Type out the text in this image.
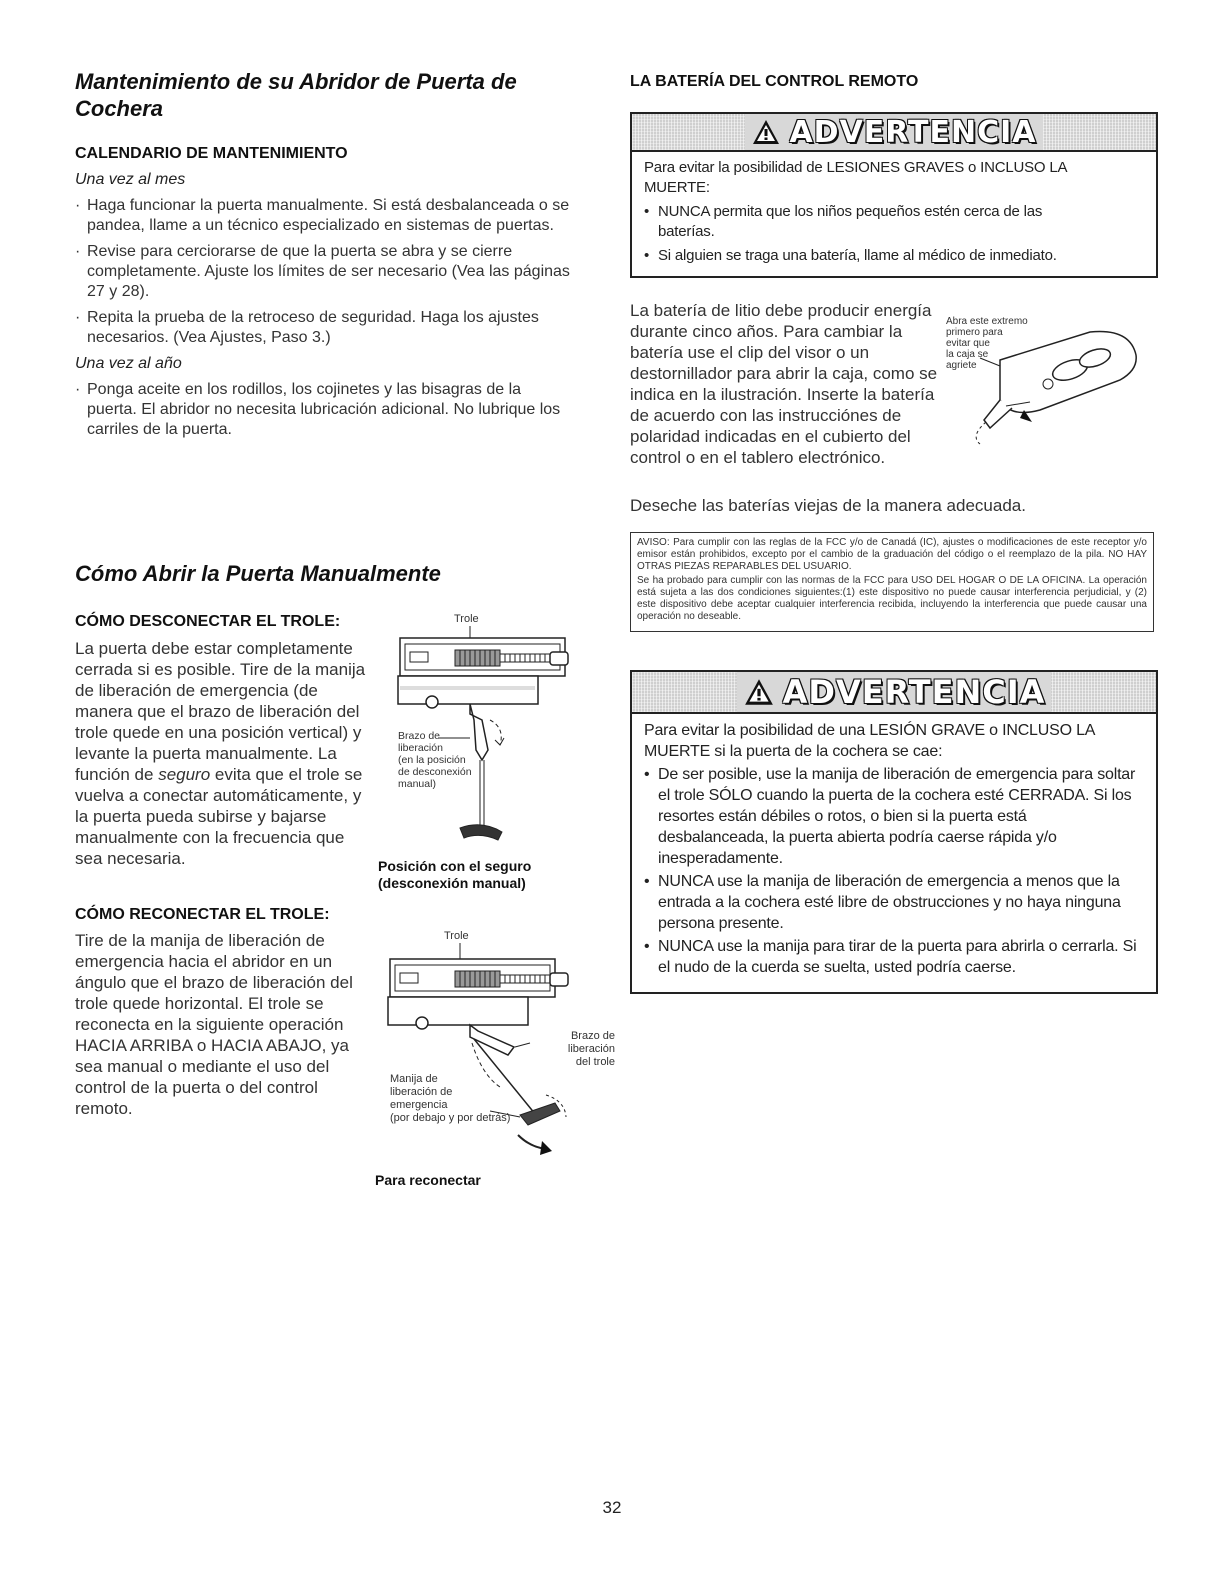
Mantenimiento de su Abridor de Puerta de Cochera
CALENDARIO DE MANTENIMIENTO
Una vez al mes
· Haga funcionar la puerta manualmente. Si está desbalanceada o se pandea, llame a un técnico especializado en sistemas de puertas.
· Revise para cerciorarse de que la puerta se abra y se cierre completamente. Ajuste los límites de ser necesario (Vea las páginas 27 y 28).
· Repita la prueba de la retroceso de seguridad. Haga los ajustes necesarios. (Vea Ajustes, Paso 3.)
Una vez al año
· Ponga aceite en los rodillos, los cojinetes y las bisagras de la puerta. El abridor no necesita lubricación adicional. No lubrique los carriles de la puerta.
Cómo Abrir la Puerta Manualmente
CÓMO DESCONECTAR EL TROLE:

La puerta debe estar completamente cerrada si es posible. Tire de la manija de liberación de emergencia (de manera que el brazo de liberación del trole quede en una posición vertical) y levante la puerta manualmente. La función de seguro evita que el trole se vuelva a conectar automáticamente, y la puerta pueda subirse y bajarse manualmente con la frecuencia que sea necesaria.

CÓMO RECONECTAR EL TROLE:

Tire de la manija de liberación de emergencia hacia el abridor en un ángulo que el brazo de liberación del trole quede horizontal. El trole se reconecta en la siguiente operación HACIA ARRIBA o HACIA ABAJO, ya sea manual o mediante el uso del control de la puerta o del control remoto.

Trole
Brazo de
liberación
(en la posición
de desconexión
manual)
Posición con el seguro
(desconexión manual)
Trole
Brazo de
liberación
del trole
Manija de
liberación de
emergencia
(por debajo y por detrás)
Para reconectar
LA BATERÍA DEL CONTROL REMOTO
ADVERTENCIA

Para evitar la posibilidad de LESIONES GRAVES o INCLUSO LA MUERTE:

• NUNCA permita que los niños pequeños estén cerca de las baterías.
• Si alguien se traga una batería, llame al médico de inmediato.

La batería de litio debe producir energía durante cinco años. Para cambiar la batería use el clip del visor o un destornillador para abrir la caja, como se indica en la ilustración. Inserte la batería de acuerdo con las instrucciónes de polaridad indicadas en el cubierto del control o en el tablero electrónico.

Abra este extremo
primero para
evitar que
la caja se
agriete

Deseche las baterías viejas de la manera adecuada.

AVISO: Para cumplir con las reglas de la FCC y/o de Canadá (IC), ajustes o modificaciones de este receptor y/o emisor están prohibidos, excepto por el cambio de la graduación del código o el reemplazo de la pila. NO HAY OTRAS PIEZAS REPARABLES DEL USUARIO.

Se ha probado para cumplir con las normas de la FCC para USO DEL HOGAR O DE LA OFICINA. La operación está sujeta a las dos condiciones siguientes:(1) este dispositivo no puede causar interferencia perjudicial, y (2) este dispositivo debe aceptar cualquier interferencia recibida, incluyendo la interferencia que puede causar una operación no deseable.

ADVERTENCIA

Para evitar la posibilidad de una LESIÓN GRAVE o INCLUSO LA MUERTE si la puerta de la cochera se cae:

• De ser posible, use la manija de liberación de emergencia para soltar el trole SÓLO cuando la puerta de la cochera esté CERRADA. Si los resortes están débiles o rotos, o bien si la puerta está desbalanceada, la puerta abierta podría caerse rápida y/o inesperadamente.
• NUNCA use la manija de liberación de emergencia a menos que la entrada a la cochera esté libre de obstrucciones y no haya ninguna persona presente.
• NUNCA use la manija para tirar de la puerta para abrirla o cerrarla. Si el nudo de la cuerda se suelta, usted podría caerse.
32
